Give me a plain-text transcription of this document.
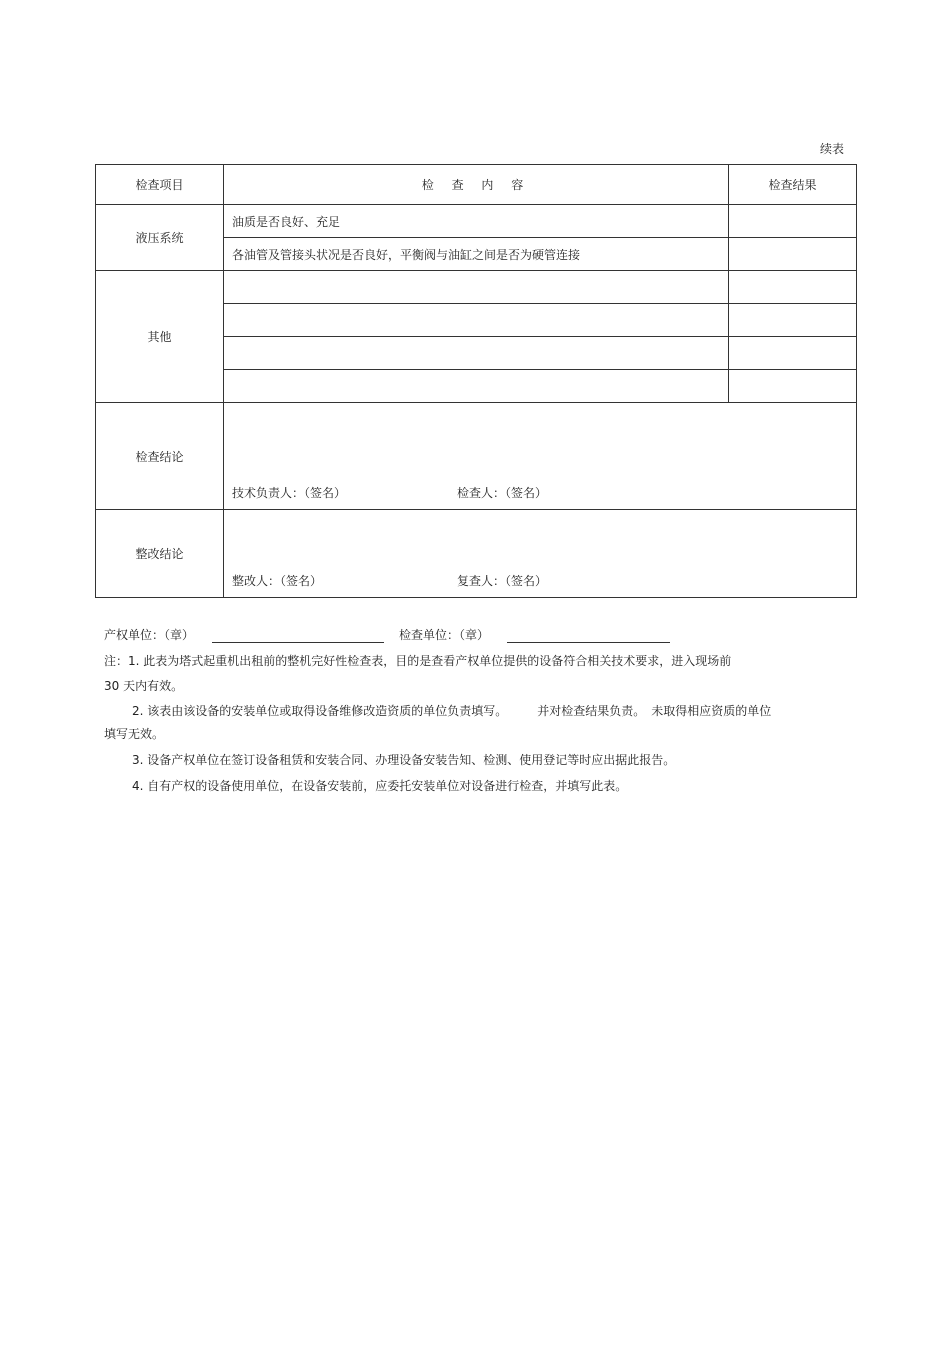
续表
检查项目	检 查 内 容	检查结果
液压系统	油质是否良好、充足	
	各油管及管接头状况是否良好，平衡阀与油缸之间是否为硬管连接	
其他		

检查结论	技术负责人：（签名） 检查人：（签名）	

整改结论	整改人：（签名） 复查人：（签名）	
产权单位：（章）	检查单位：（章）
注：1. 此表为塔式起重机出租前的整机完好性检查表，目的是查看产权单位提供的设备符合相关技术要求，进入现场前
30 天内有效。
2. 该表由该设备的安装单位或取得设备维修改造资质的单位负责填写。　　　并对检查结果负责。　未取得相应资质的单位
填写无效。
3. 设备产权单位在签订设备租赁和安装合同、办理设备安装告知、检测、使用登记等时应出据此报告。
4. 自有产权的设备使用单位，在设备安装前，应委托安装单位对设备进行检查，并填写此表。
